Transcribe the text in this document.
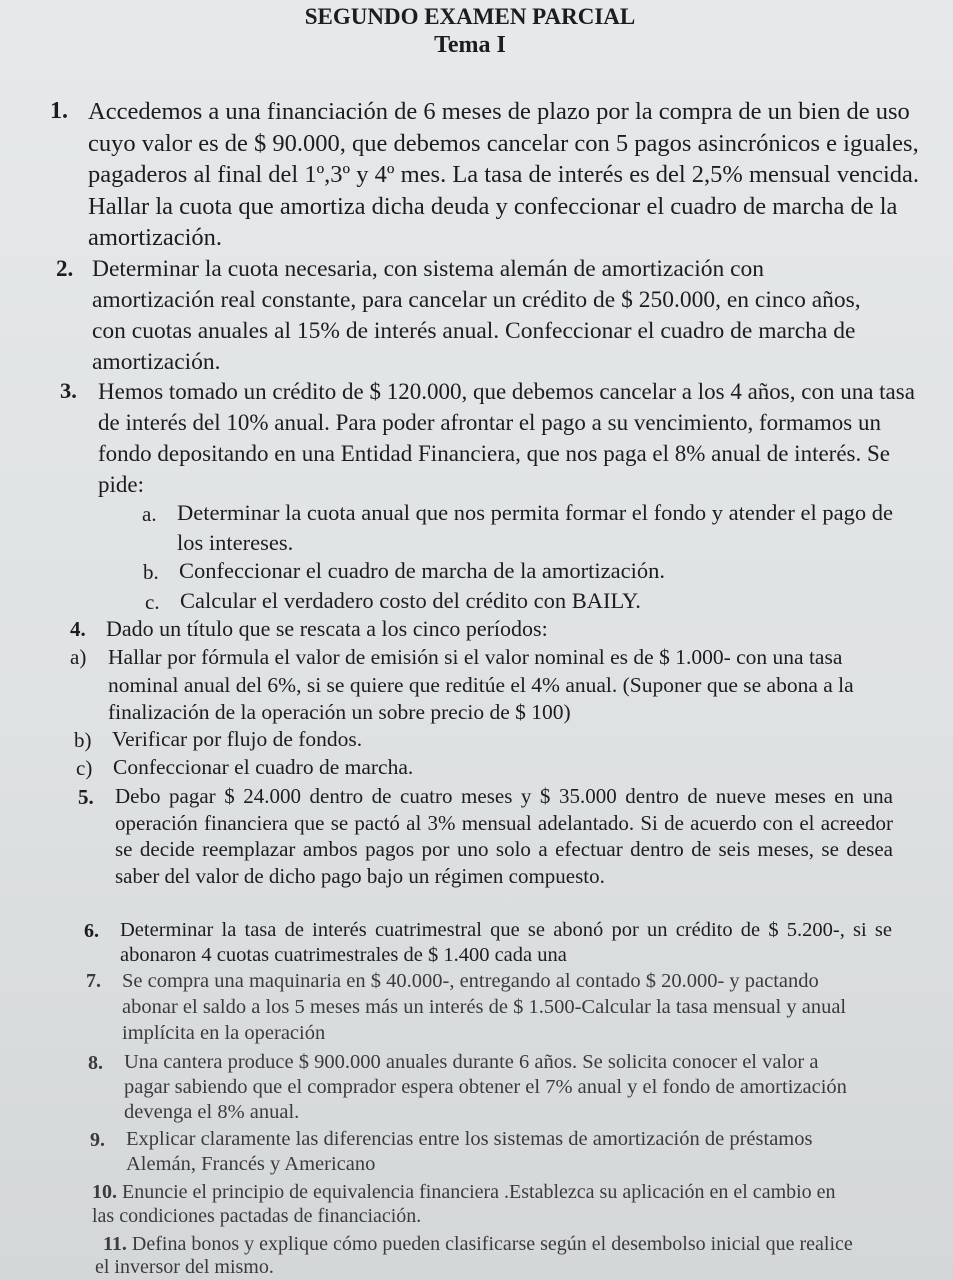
SEGUNDO EXAMEN PARCIAL
Tema I
1. Accedemos a una financiación de 6 meses de plazo por la compra de un bien de uso cuyo valor es de $ 90.000, que debemos cancelar con 5 pagos asincrónicos e iguales, pagaderos al final del 1º,3º y 4º mes. La tasa de interés es del 2,5% mensual vencida. Hallar la cuota que amortiza dicha deuda y confeccionar el cuadro de marcha de la amortización.
2. Determinar la cuota necesaria, con sistema alemán de amortización con amortización real constante, para cancelar un crédito de $ 250.000, en cinco años, con cuotas anuales al 15% de interés anual. Confeccionar el cuadro de marcha de amortización.
3. Hemos tomado un crédito de $ 120.000, que debemos cancelar a los 4 años, con una tasa de interés del 10% anual. Para poder afrontar el pago a su vencimiento, formamos un fondo depositando en una Entidad Financiera, que nos paga el 8% anual de interés. Se pide:
a. Determinar la cuota anual que nos permita formar el fondo y atender el pago de los intereses.
b. Confeccionar el cuadro de marcha de la amortización.
c. Calcular el verdadero costo del crédito con BAILY.
4. Dado un título que se rescata a los cinco períodos:
a) Hallar por fórmula el valor de emisión si el valor nominal es de $ 1.000- con una tasa nominal anual del 6%, si se quiere que reditúe el 4% anual. (Suponer que se abona a la finalización de la operación un sobre precio de $ 100)
b) Verificar por flujo de fondos.
c) Confeccionar el cuadro de marcha.
5. Debo pagar $ 24.000 dentro de cuatro meses y $ 35.000 dentro de nueve meses en una operación financiera que se pactó al 3% mensual adelantado. Si de acuerdo con el acreedor se decide reemplazar ambos pagos por uno solo a efectuar dentro de seis meses, se desea saber del valor de dicho pago bajo un régimen compuesto.
6. Determinar la tasa de interés cuatrimestral que se abonó por un crédito de $ 5.200-, si se abonaron 4 cuotas cuatrimestrales de $ 1.400 cada una
7. Se compra una maquinaria en $ 40.000-, entregando al contado $ 20.000- y pactando abonar el saldo a los 5 meses más un interés de $ 1.500-Calcular la tasa mensual y anual implícita en la operación
8. Una cantera produce $ 900.000 anuales durante 6 años. Se solicita conocer el valor a pagar sabiendo que el comprador espera obtener el 7% anual y el fondo de amortización devenga el 8% anual.
9. Explicar claramente las diferencias entre los sistemas de amortización de préstamos Alemán, Francés y Americano
10. Enuncie el principio de equivalencia financiera .Establezca su aplicación en el cambio en las condiciones pactadas de financiación.
11. Defina bonos y explique cómo pueden clasificarse según el desembolso inicial que realice el inversor del mismo.
